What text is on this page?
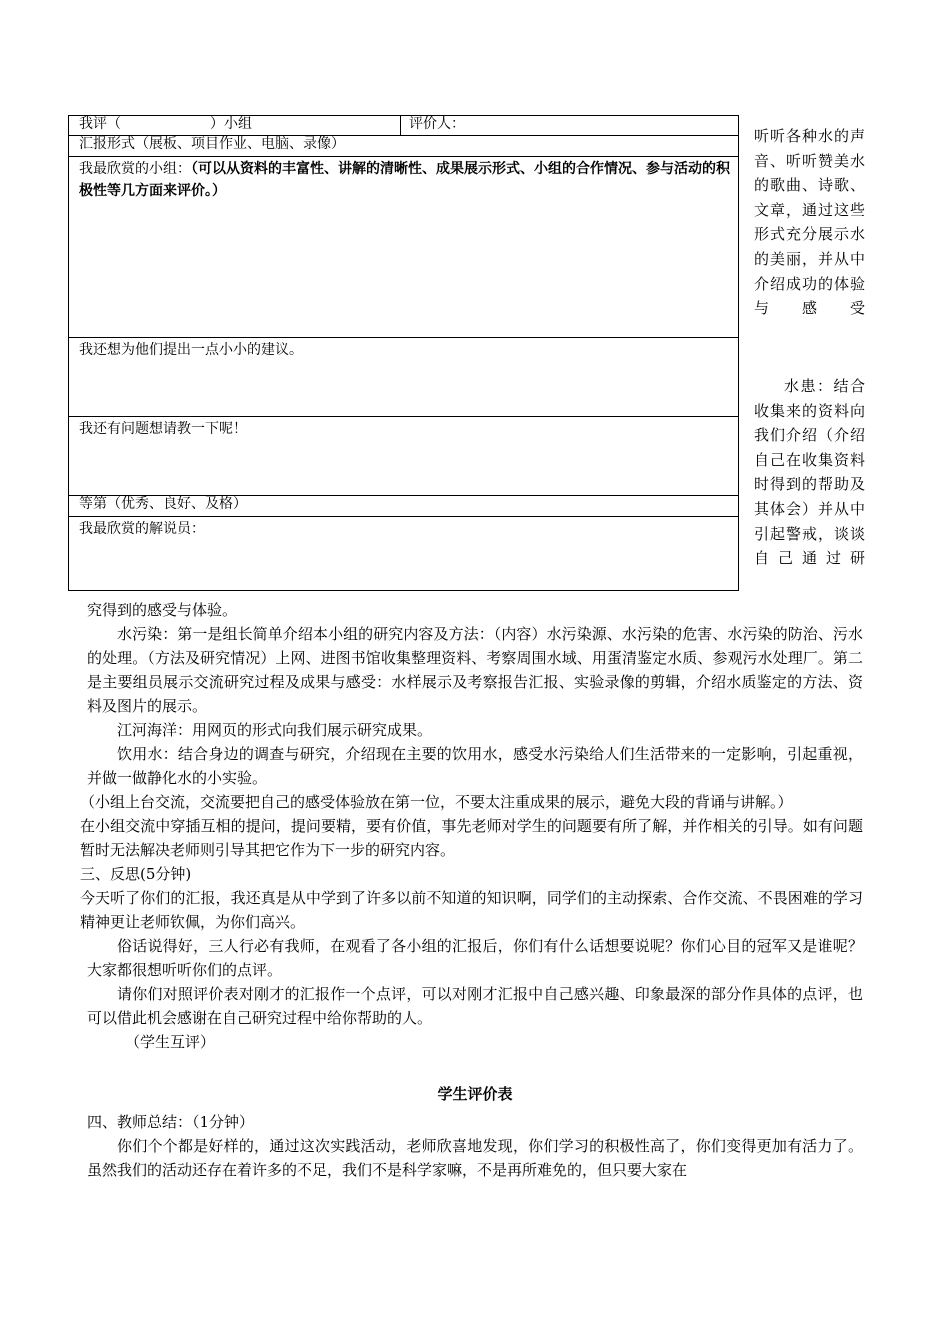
我评（                    ）小组	评价人：
汇报形式（展板、项目作业、电脑、录像）
我最欣赏的小组：（可以从资料的丰富性、讲解的清晰性、成果展示形式、小组的合作情况、参与活动的积极性等几方面来评价。）
我还想为他们提出一点小小的建议。
我还有问题想请教一下呢！
等第（优秀、良好、及格）
我最欣赏的解说员：
听听各种水的声音、听听赞美水的歌曲、诗歌、文章，通过这些形式充分展示水的美丽，并从中介绍成功的体验与感受
水患：结合收集来的资料向我们介绍（介绍自己在收集资料时得到的帮助及其体会）并从中引起警戒，谈谈自己通过研

究得到的感受与体验。

水污染：第一是组长简单介绍本小组的研究内容及方法：（内容）水污染源、水污染的危害、水污染的防治、污水的处理。（方法及研究情况）上网、进图书馆收集整理资料、考察周围水域、用蛋清鉴定水质、参观污水处理厂。第二是主要组员展示交流研究过程及成果与感受：水样展示及考察报告汇报、实验录像的剪辑，介绍水质鉴定的方法、资料及图片的展示。

江河海洋：用网页的形式向我们展示研究成果。

饮用水：结合身边的调查与研究，介绍现在主要的饮用水，感受水污染给人们生活带来的一定影响，引起重视，并做一做静化水的小实验。

（小组上台交流，交流要把自己的感受体验放在第一位，不要太注重成果的展示，避免大段的背诵与讲解。）

在小组交流中穿插互相的提问，提问要精，要有价值，事先老师对学生的问题要有所了解，并作相关的引导。如有问题暂时无法解决老师则引导其把它作为下一步的研究内容。

三、反思(5分钟)

今天听了你们的汇报，我还真是从中学到了许多以前不知道的知识啊，同学们的主动探索、合作交流、不畏困难的学习精神更让老师钦佩，为你们高兴。

俗话说得好，三人行必有我师，在观看了各小组的汇报后，你们有什么话想要说呢？你们心目的冠军又是谁呢？大家都很想听听你们的点评。

请你们对照评价表对刚才的汇报作一个点评，可以对刚才汇报中自己感兴趣、印象最深的部分作具体的点评，也可以借此机会感谢在自己研究过程中给你帮助的人。

（学生互评）

学生评价表

四、教师总结：（1分钟）

你们个个都是好样的，通过这次实践活动，老师欣喜地发现，你们学习的积极性高了，你们变得更加有活力了。虽然我们的活动还存在着许多的不足，我们不是科学家嘛，不是再所难免的，但只要大家在
